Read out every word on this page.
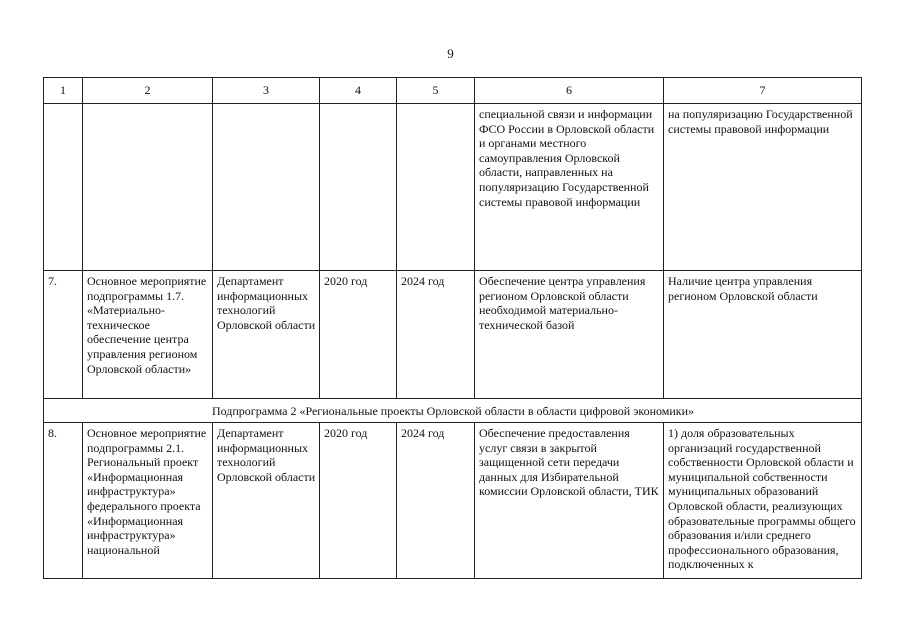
9
1	2	3	4	5	6	7
					специальной связи и информации ФСО России в Орловской области и органами местного самоуправления Орловской области, направленных на популяризацию Государственной системы правовой информации	на популяризацию Государственной системы правовой информации
7.	Основное мероприятие подпрограммы 1.7. «Материально-техническое обеспечение центра управления регионом Орловской области»	Департамент информационных технологий Орловской области	2020 год	2024 год	Обеспечение центра управления регионом Орловской области необходимой материально-технической базой	Наличие центра управления регионом Орловской области
Подпрограмма 2 «Региональные проекты Орловской области в области цифровой экономики»						
8.	Основное мероприятие подпрограммы 2.1. Региональный проект «Информационная инфраструктура» федерального проекта «Информационная инфраструктура» национальной	Департамент информационных технологий Орловской области	2020 год	2024 год	Обеспечение предоставления услуг связи в закрытой защищенной сети передачи данных для Избирательной комиссии Орловской области, ТИК	1) доля образовательных организаций государственной собственности Орловской области и муниципальной собственности муниципальных образований Орловской области, реализующих образовательные программы общего образования и/или среднего профессионального образования, подключенных к
